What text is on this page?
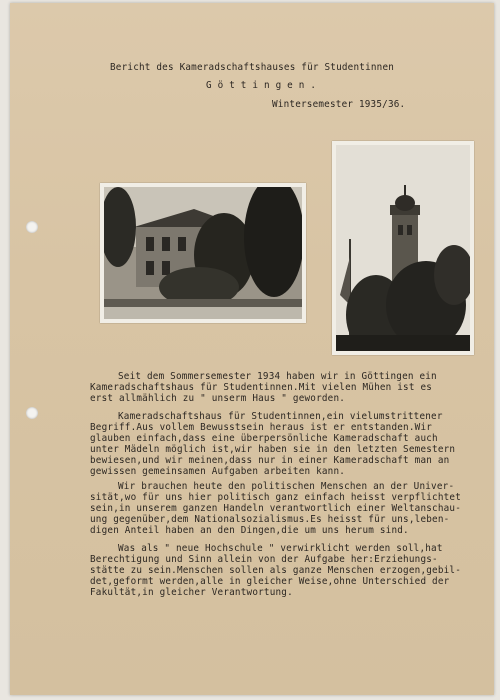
Bericht des Kameradschaftshauses für Studentinnen
G ö t t i n g e n .
Wintersemester 1935/36.
Seit dem Sommersemester 1934 haben wir in Göttingen ein
Kameradschaftshaus für Studentinnen.Mit vielen Mühen ist es
erst allmählich zu " unserm Haus " geworden.
Kameradschaftshaus für Studentinnen,ein vielumstrittener
Begriff.Aus vollem Bewusstsein heraus ist er entstanden.Wir
glauben einfach,dass eine überpersönliche Kameradschaft auch
unter Mädeln möglich ist,wir haben sie in den letzten Semestern
bewiesen,und wir meinen,dass nur in einer Kameradschaft man an
gewissen gemeinsamen Aufgaben arbeiten kann.
Wir brauchen heute den politischen Menschen an der Univer-
sität,wo für uns hier politisch ganz einfach heisst verpflichtet
sein,in unserem ganzen Handeln verantwortlich einer Weltanschau-
ung gegenüber,dem Nationalsozialismus.Es heisst für uns,leben-
digen Anteil haben an den Dingen,die um uns herum sind.
Was als " neue Hochschule " verwirklicht werden soll,hat
Berechtigung und Sinn allein von der Aufgabe her:Erziehungs-
stätte zu sein.Menschen sollen als ganze Menschen erzogen,gebil-
det,geformt werden,alle in gleicher Weise,ohne Unterschied der
Fakultät,in gleicher Verantwortung.
